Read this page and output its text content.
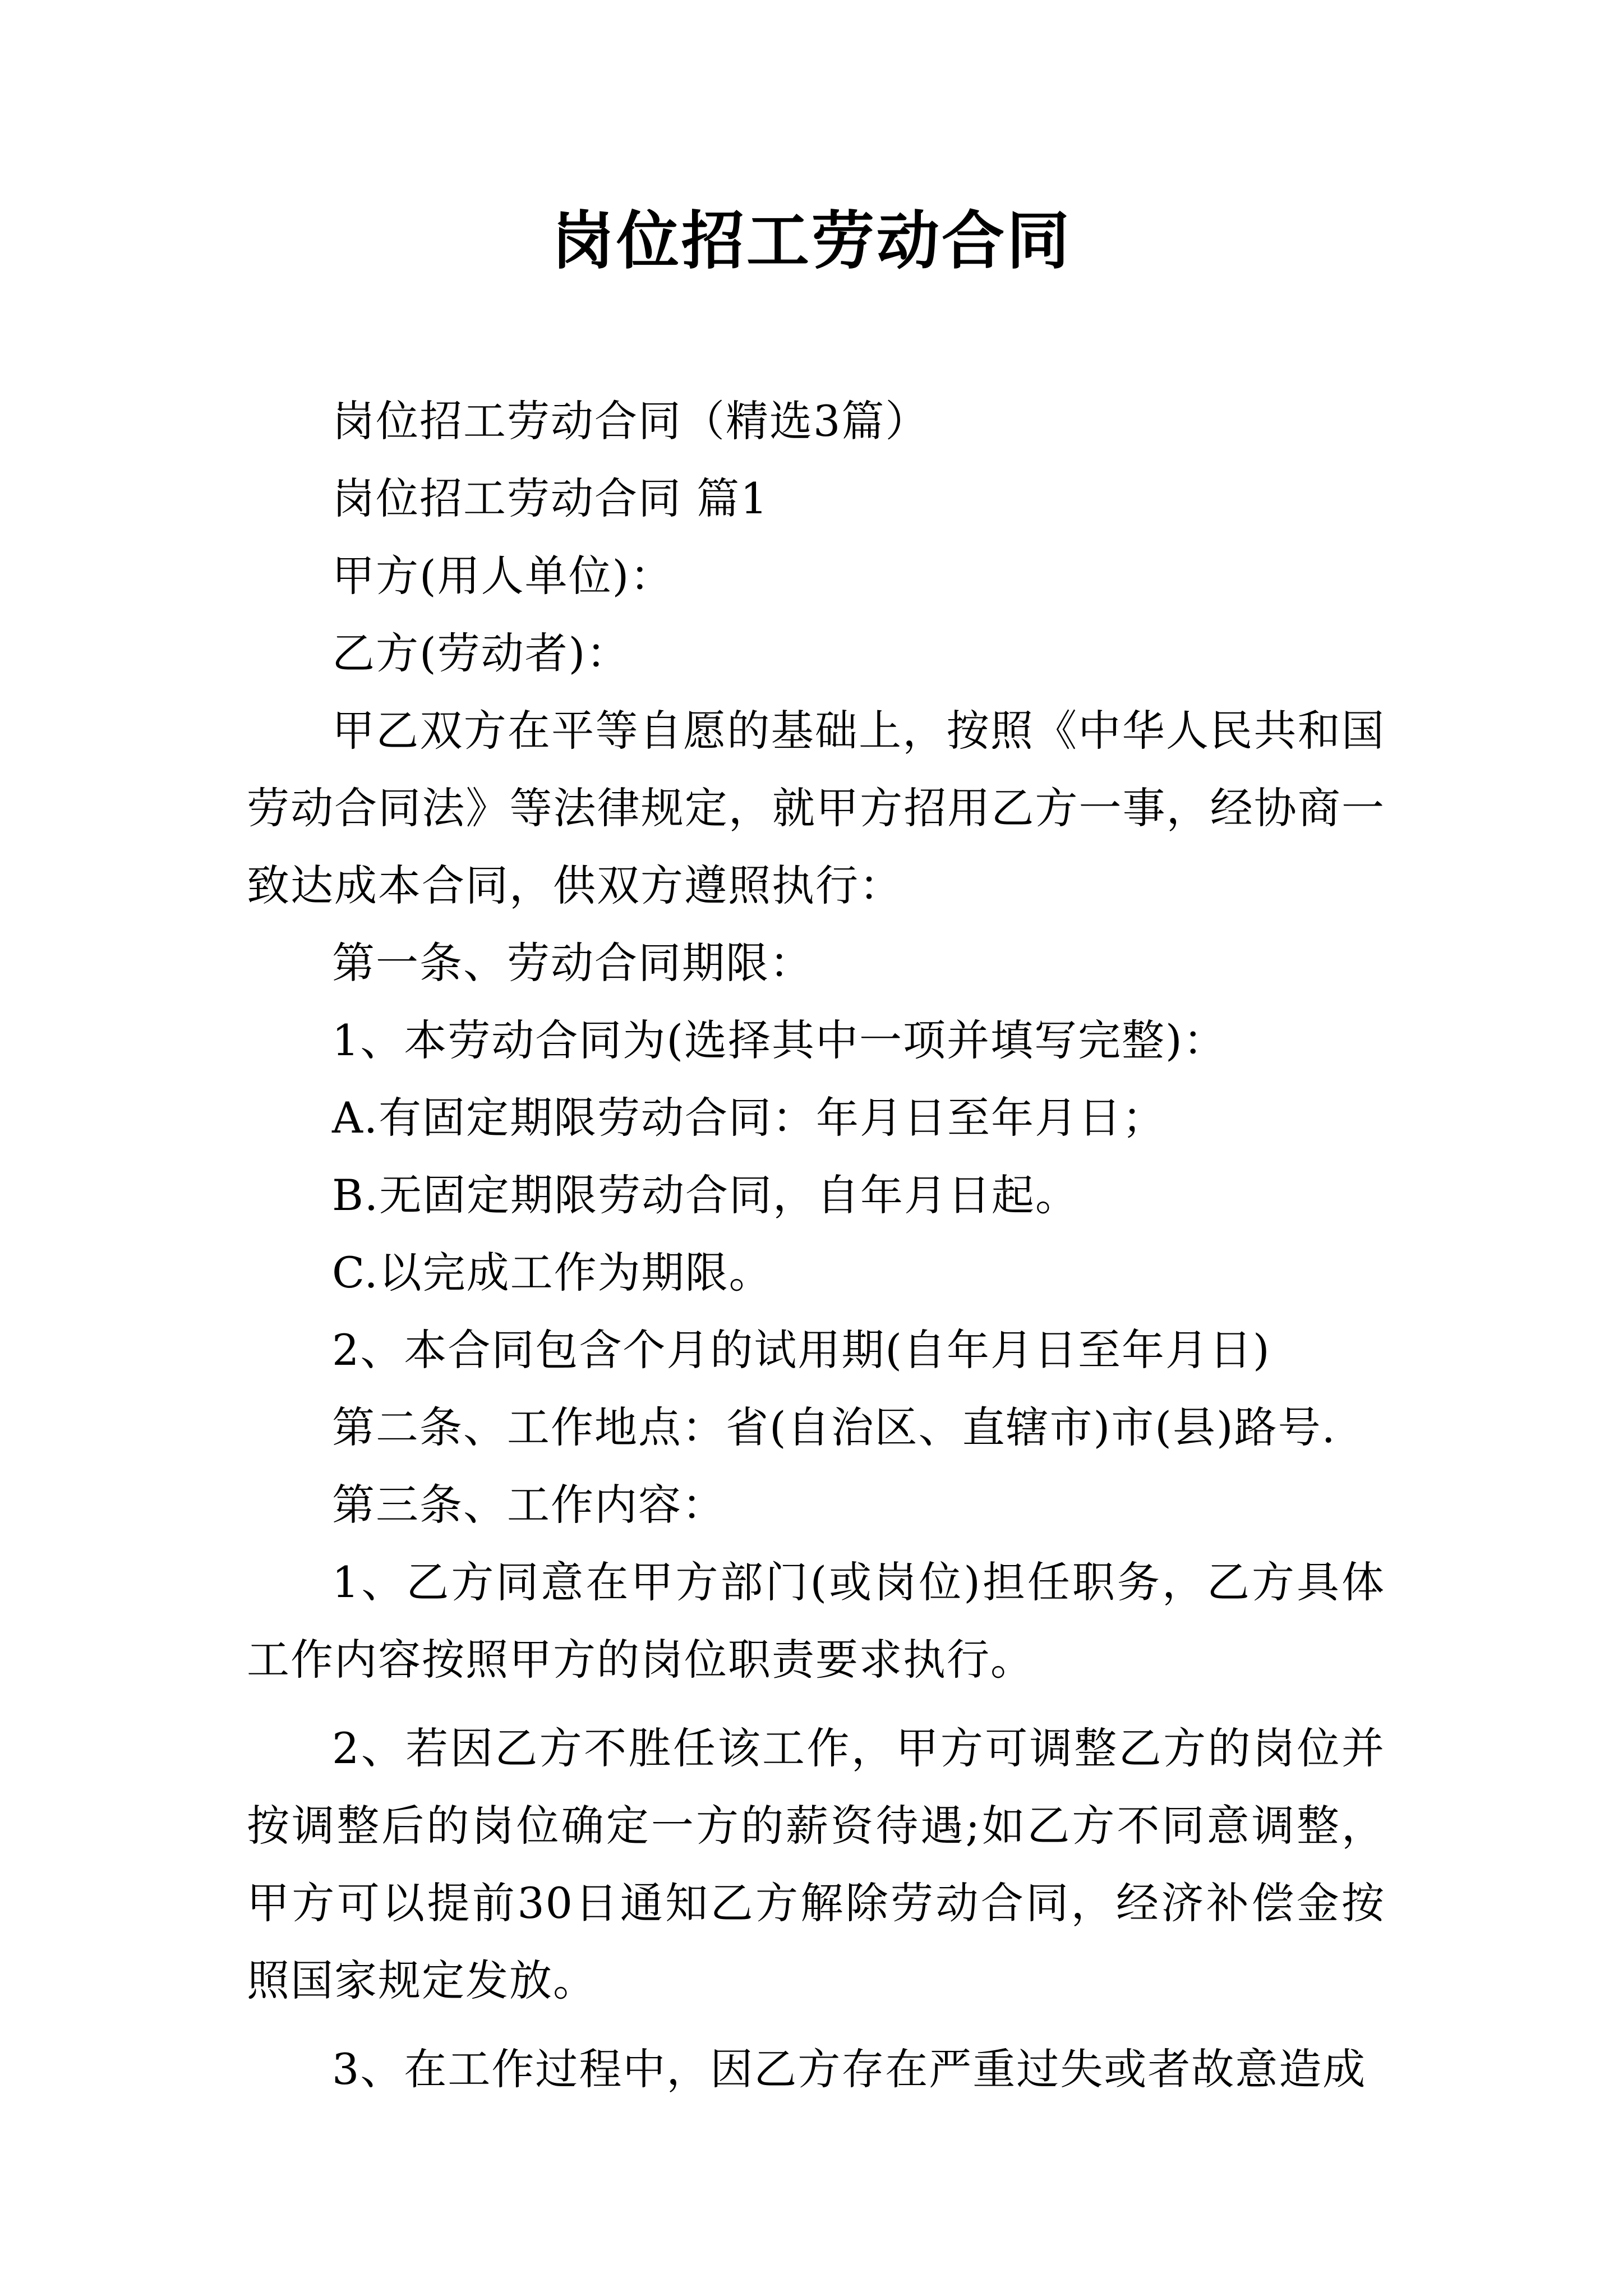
岗位招工劳动合同

岗位招工劳动合同（精选3篇）

岗位招工劳动合同 篇1

甲方(用人单位)：

乙方(劳动者)：

甲乙双方在平等自愿的基础上，按照《中华人民共和国劳动合同法》等法律规定，就甲方招用乙方一事，经协商一致达成本合同，供双方遵照执行：

第一条、劳动合同期限：

1、本劳动合同为(选择其中一项并填写完整)：

A.有固定期限劳动合同：年月日至年月日；

B.无固定期限劳动合同，自年月日起。

C.以完成工作为期限。

2、本合同包含个月的试用期(自年月日至年月日)

第二条、工作地点：省(自治区、直辖市)市(县)路号.

第三条、工作内容：

1、乙方同意在甲方部门(或岗位)担任职务，乙方具体工作内容按照甲方的岗位职责要求执行。

2、若因乙方不胜任该工作，甲方可调整乙方的岗位并按调整后的岗位确定一方的薪资待遇;如乙方不同意调整，甲方可以提前30日通知乙方解除劳动合同，经济补偿金按照国家规定发放。

3、在工作过程中，因乙方存在严重过失或者故意造成
